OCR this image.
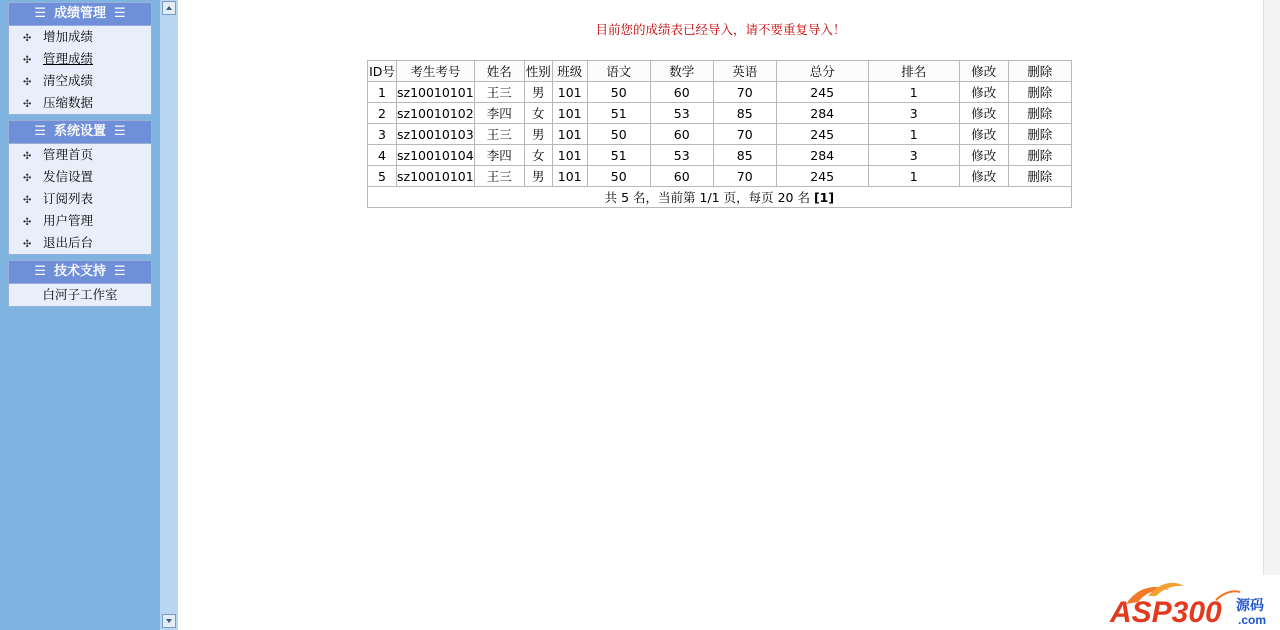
☰ 成绩管理 ☰
✣ 增加成绩
✣ 管理成绩
✣ 清空成绩
✣ 压缩数据
☰ 系统设置 ☰
✣ 管理首页
✣ 发信设置
✣ 订阅列表
✣ 用户管理
✣ 退出后台
☰ 技术支持 ☰
白河子工作室
目前您的成绩表已经导入，请不要重复导入！
ID号	考生考号	姓名	性别	班级	语文	数学	英语	总分	排名	修改	删除
1	sz10010101	王三	男	101	50	60	70	245	1	修改	删除
2	sz10010102	李四	女	101	51	53	85	284	3	修改	删除
3	sz10010103	王三	男	101	50	60	70	245	1	修改	删除
4	sz10010104	李四	女	101	51	53	85	284	3	修改	删除
5	sz10010101	王三	男	101	50	60	70	245	1	修改	删除
共 5 名，当前第 1/1 页，每页 20 名 [1]											
ASP300 源码
.com
